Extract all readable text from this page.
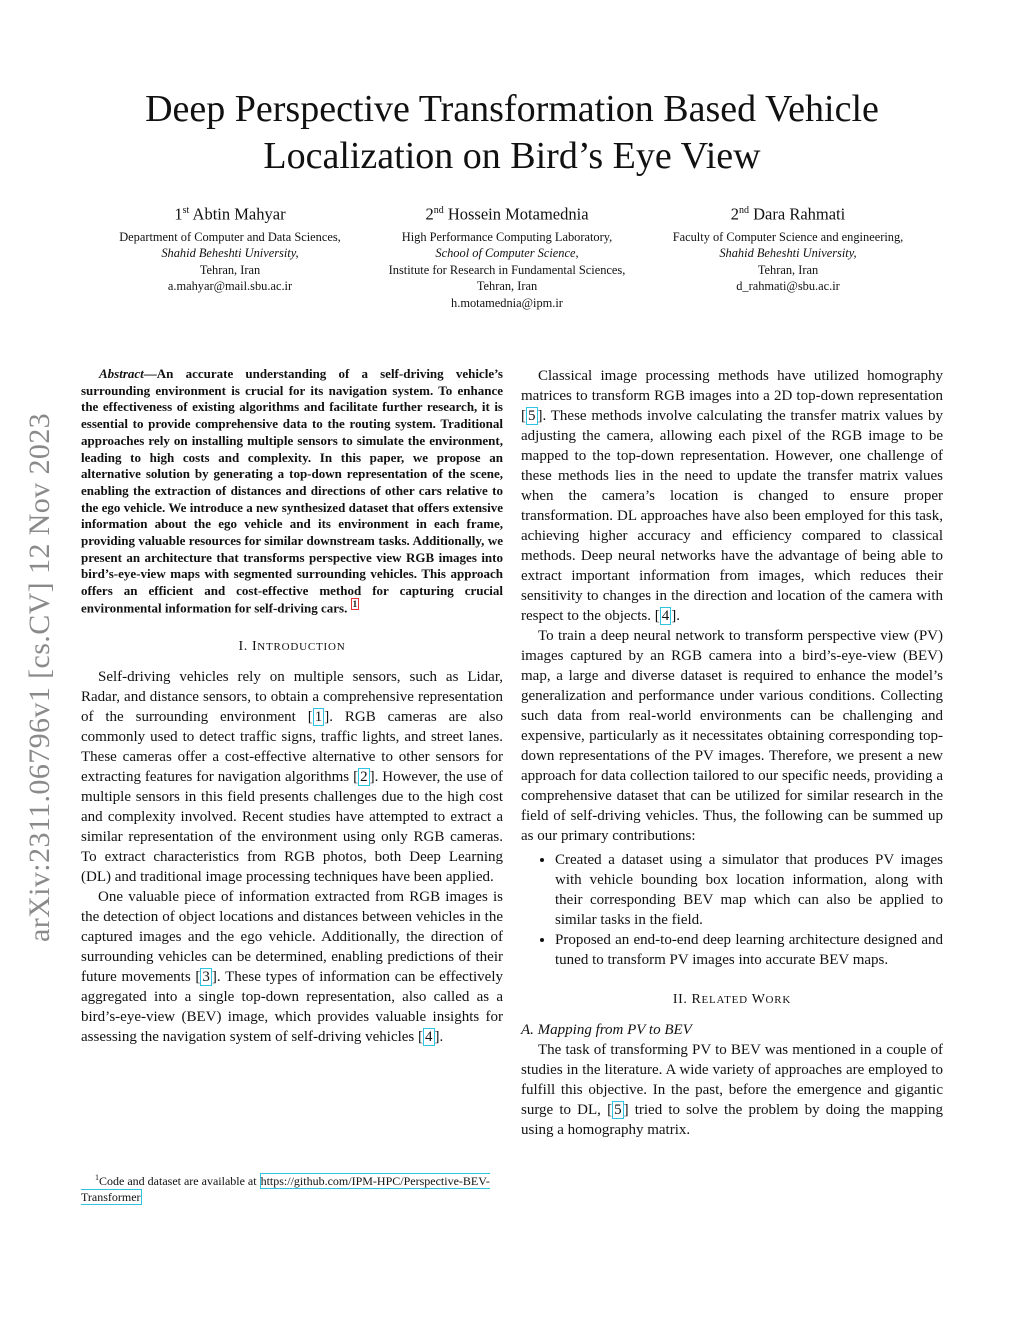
Deep Perspective Transformation Based Vehicle
Localization on Bird’s Eye View
1st Abtin Mahyar
Department of Computer and Data Sciences,
Shahid Beheshti University,
Tehran, Iran
a.mahyar@mail.sbu.ac.ir
2nd Hossein Motamednia
High Performance Computing Laboratory,
School of Computer Science,
Institute for Research in Fundamental Sciences,
Tehran, Iran
h.motamednia@ipm.ir
2nd Dara Rahmati
Faculty of Computer Science and engineering,
Shahid Beheshti University,
Tehran, Iran
d_rahmati@sbu.ac.ir
arXiv:2311.06796v1 [cs.CV] 12 Nov 2023

Abstract—An accurate understanding of a self-driving vehicle’s surrounding environment is crucial for its navigation system. To enhance the effectiveness of existing algorithms and facilitate further research, it is essential to provide comprehensive data to the routing system. Traditional approaches rely on installing multiple sensors to simulate the environment, leading to high costs and complexity. In this paper, we propose an alternative solution by generating a top-down representation of the scene, enabling the extraction of distances and directions of other cars relative to the ego vehicle. We introduce a new synthesized dataset that offers extensive information about the ego vehicle and its environment in each frame, providing valuable resources for similar downstream tasks. Additionally, we present an architecture that transforms perspective view RGB images into bird’s-eye-view maps with segmented surrounding vehicles. This approach offers an efficient and cost-effective method for capturing crucial environmental information for self-driving cars. $^1$

I. INTRODUCTION

Self-driving vehicles rely on multiple sensors, such as Lidar, Radar, and distance sensors, to obtain a comprehensive representation of the surrounding environment [ 1 ]. RGB cameras are also commonly used to detect traffic signs, traffic lights, and street lanes. These cameras offer a cost-effective alternative to other sensors for extracting features for navigation algorithms [ 2 ]. However, the use of multiple sensors in this field presents challenges due to the high cost and complexity involved. Recent studies have attempted to extract a similar representation of the environment using only RGB cameras. To extract characteristics from RGB photos, both Deep Learning (DL) and traditional image processing techniques have been applied.

One valuable piece of information extracted from RGB images is the detection of object locations and distances between vehicles in the captured images and the ego vehicle. Additionally, the direction of surrounding vehicles can be determined, enabling predictions of their future movements [ 3 ]. These types of information can be effectively aggregated into a single top-down representation, also called as a bird’s-eye-view (BEV) image, which provides valuable insights for assessing the navigation system of self-driving vehicles [ 4 ].

$^1$Code and dataset are available at https://github.com/IPM-HPC/Perspective-BEV-Transformer

Classical image processing methods have utilized homography matrices to transform RGB images into a 2D top-down representation [ 5 ]. These methods involve calculating the transfer matrix values by adjusting the camera, allowing each pixel of the RGB image to be mapped to the top-down representation. However, one challenge of these methods lies in the need to update the transfer matrix values when the camera’s location is changed to ensure proper transformation. DL approaches have also been employed for this task, achieving higher accuracy and efficiency compared to classical methods. Deep neural networks have the advantage of being able to extract important information from images, which reduces their sensitivity to changes in the direction and location of the camera with respect to the objects. [ 4 ].

To train a deep neural network to transform perspective view (PV) images captured by an RGB camera into a bird’s-eye-view (BEV) map, a large and diverse dataset is required to enhance the model’s generalization and performance under various conditions. Collecting such data from real-world environments can be challenging and expensive, particularly as it necessitates obtaining corresponding top-down representations of the PV images. Therefore, we present a new approach for data collection tailored to our specific needs, providing a comprehensive dataset that can be utilized for similar research in the field of self-driving vehicles. Thus, the following can be summed up as our primary contributions:

• Created a dataset using a simulator that produces PV images with vehicle bounding box location information, along with their corresponding BEV map which can also be applied to similar tasks in the field.
• Proposed an end-to-end deep learning architecture designed and tuned to transform PV images into accurate BEV maps.
II. RELATED WORK
A. Mapping from PV to BEV

The task of transforming PV to BEV was mentioned in a couple of studies in the literature. A wide variety of approaches are employed to fulfill this objective. In the past, before the emergence and gigantic surge to DL, [ 5 ] tried to solve the problem by doing the mapping using a homography matrix.
